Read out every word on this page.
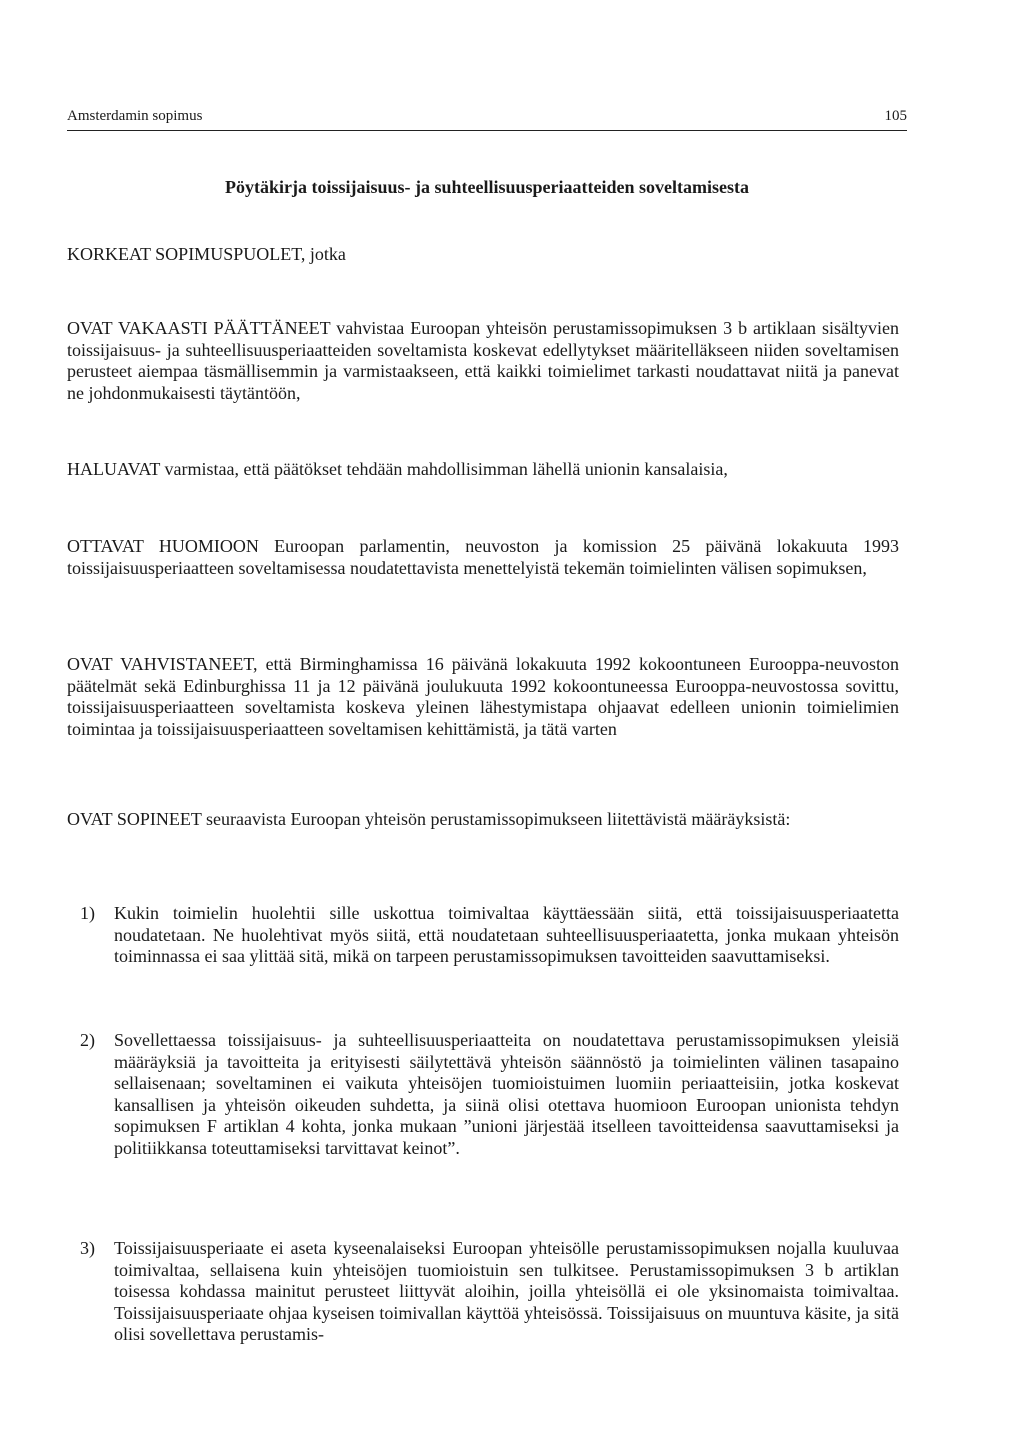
Amsterdamin sopimus	105
Pöytäkirja toissijaisuus- ja suhteellisuusperiaatteiden soveltamisesta
KORKEAT SOPIMUSPUOLET, jotka
OVAT VAKAASTI PÄÄTTÄNEET vahvistaa Euroopan yhteisön perustamissopimuksen 3 b artiklaan sisältyvien toissijaisuus- ja suhteellisuusperiaatteiden soveltamista koskevat edellytykset määritelläkseen niiden soveltamisen perusteet aiempaa täsmällisemmin ja varmistaakseen, että kaikki toimielimet tarkasti noudattavat niitä ja panevat ne johdonmukaisesti täytäntöön,
HALUAVAT varmistaa, että päätökset tehdään mahdollisimman lähellä unionin kansalaisia,
OTTAVAT HUOMIOON Euroopan parlamentin, neuvoston ja komission 25 päivänä lokakuuta 1993 toissijaisuusperiaatteen soveltamisessa noudatettavista menettelyistä tekemän toimielinten välisen sopimuksen,
OVAT VAHVISTANEET, että Birminghamissa 16 päivänä lokakuuta 1992 kokoontuneen Eurooppa-neuvoston päätelmät sekä Edinburghissa 11 ja 12 päivänä joulukuuta 1992 kokoontuneessa Eurooppa-neuvostossa sovittu, toissijaisuusperiaatteen soveltamista koskeva yleinen lähestymistapa ohjaavat edelleen unionin toimielimien toimintaa ja toissijaisuusperiaatteen soveltamisen kehittämistä, ja tätä varten
OVAT SOPINEET seuraavista Euroopan yhteisön perustamissopimukseen liitettävistä määräyksistä:
1) Kukin toimielin huolehtii sille uskottua toimivaltaa käyttäessään siitä, että toissijaisuusperiaatetta noudatetaan. Ne huolehtivat myös siitä, että noudatetaan suhteellisuusperiaatetta, jonka mukaan yhteisön toiminnassa ei saa ylittää sitä, mikä on tarpeen perustamissopimuksen tavoitteiden saavuttamiseksi.
2) Sovellettaessa toissijaisuus- ja suhteellisuusperiaatteita on noudatettava perustamissopimuksen yleisiä määräyksiä ja tavoitteita ja erityisesti säilytettävä yhteisön säännöstö ja toimielinten välinen tasapaino sellaisenaan; soveltaminen ei vaikuta yhteisöjen tuomioistuimen luomiin periaatteisiin, jotka koskevat kansallisen ja yhteisön oikeuden suhdetta, ja siinä olisi otettava huomioon Euroopan unionista tehdyn sopimuksen F artiklan 4 kohta, jonka mukaan ”unioni järjestää itselleen tavoitteidensa saavuttamiseksi ja politiikkansa toteuttamiseksi tarvittavat keinot”.
3) Toissijaisuusperiaate ei aseta kyseenalaiseksi Euroopan yhteisölle perustamissopimuksen nojalla kuuluvaa toimivaltaa, sellaisena kuin yhteisöjen tuomioistuin sen tulkitsee. Perustamissopimuksen 3 b artiklan toisessa kohdassa mainitut perusteet liittyvät aloihin, joilla yhteisöllä ei ole yksinomaista toimivaltaa. Toissijaisuusperiaate ohjaa kyseisen toimivallan käyttöä yhteisössä. Toissijaisuus on muuntuva käsite, ja sitä olisi sovellettava perustamis-
